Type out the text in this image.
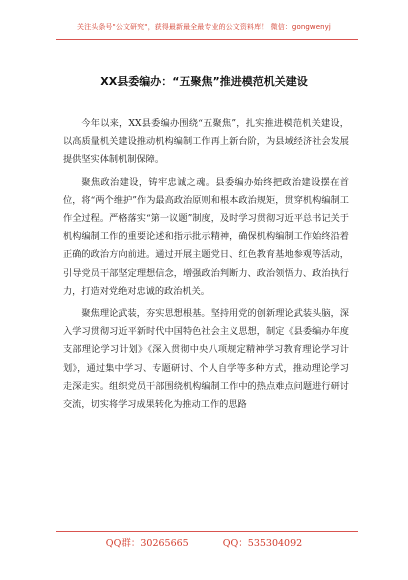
关注头条号"公文研究"，获得最新最全最专业的公文资料库！ 微信：gongwenyj
XX县委编办：“五聚焦”推进模范机关建设

今年以来，XX县委编办围绕“五聚焦”，扎实推进模范机关建设，以高质量机关建设推动机构编制工作再上新台阶，为县域经济社会发展提供坚实体制机制保障。

聚焦政治建设，铸牢忠诚之魂。县委编办始终把政治建设摆在首位，将“两个维护”作为最高政治原则和根本政治规矩，贯穿机构编制工作全过程。严格落实“第一议题”制度，及时学习贯彻习近平总书记关于机构编制工作的重要论述和指示批示精神，确保机构编制工作始终沿着正确的政治方向前进。通过开展主题党日、红色教育基地参观等活动，引导党员干部坚定理想信念，增强政治判断力、政治领悟力、政治执行力，打造对党绝对忠诚的政治机关。

聚焦理论武装，夯实思想根基。坚持用党的创新理论武装头脑，深入学习贯彻习近平新时代中国特色社会主义思想，制定《县委编办年度支部理论学习计划》《深入贯彻中央八项规定精神学习教育理论学习计划》，通过集中学习、专题研讨、个人自学等多种方式，推动理论学习走深走实。组织党员干部围绕机构编制工作中的热点难点问题进行研讨交流，切实将学习成果转化为推动工作的思路

QQ群：30265665	QQ：535304092
